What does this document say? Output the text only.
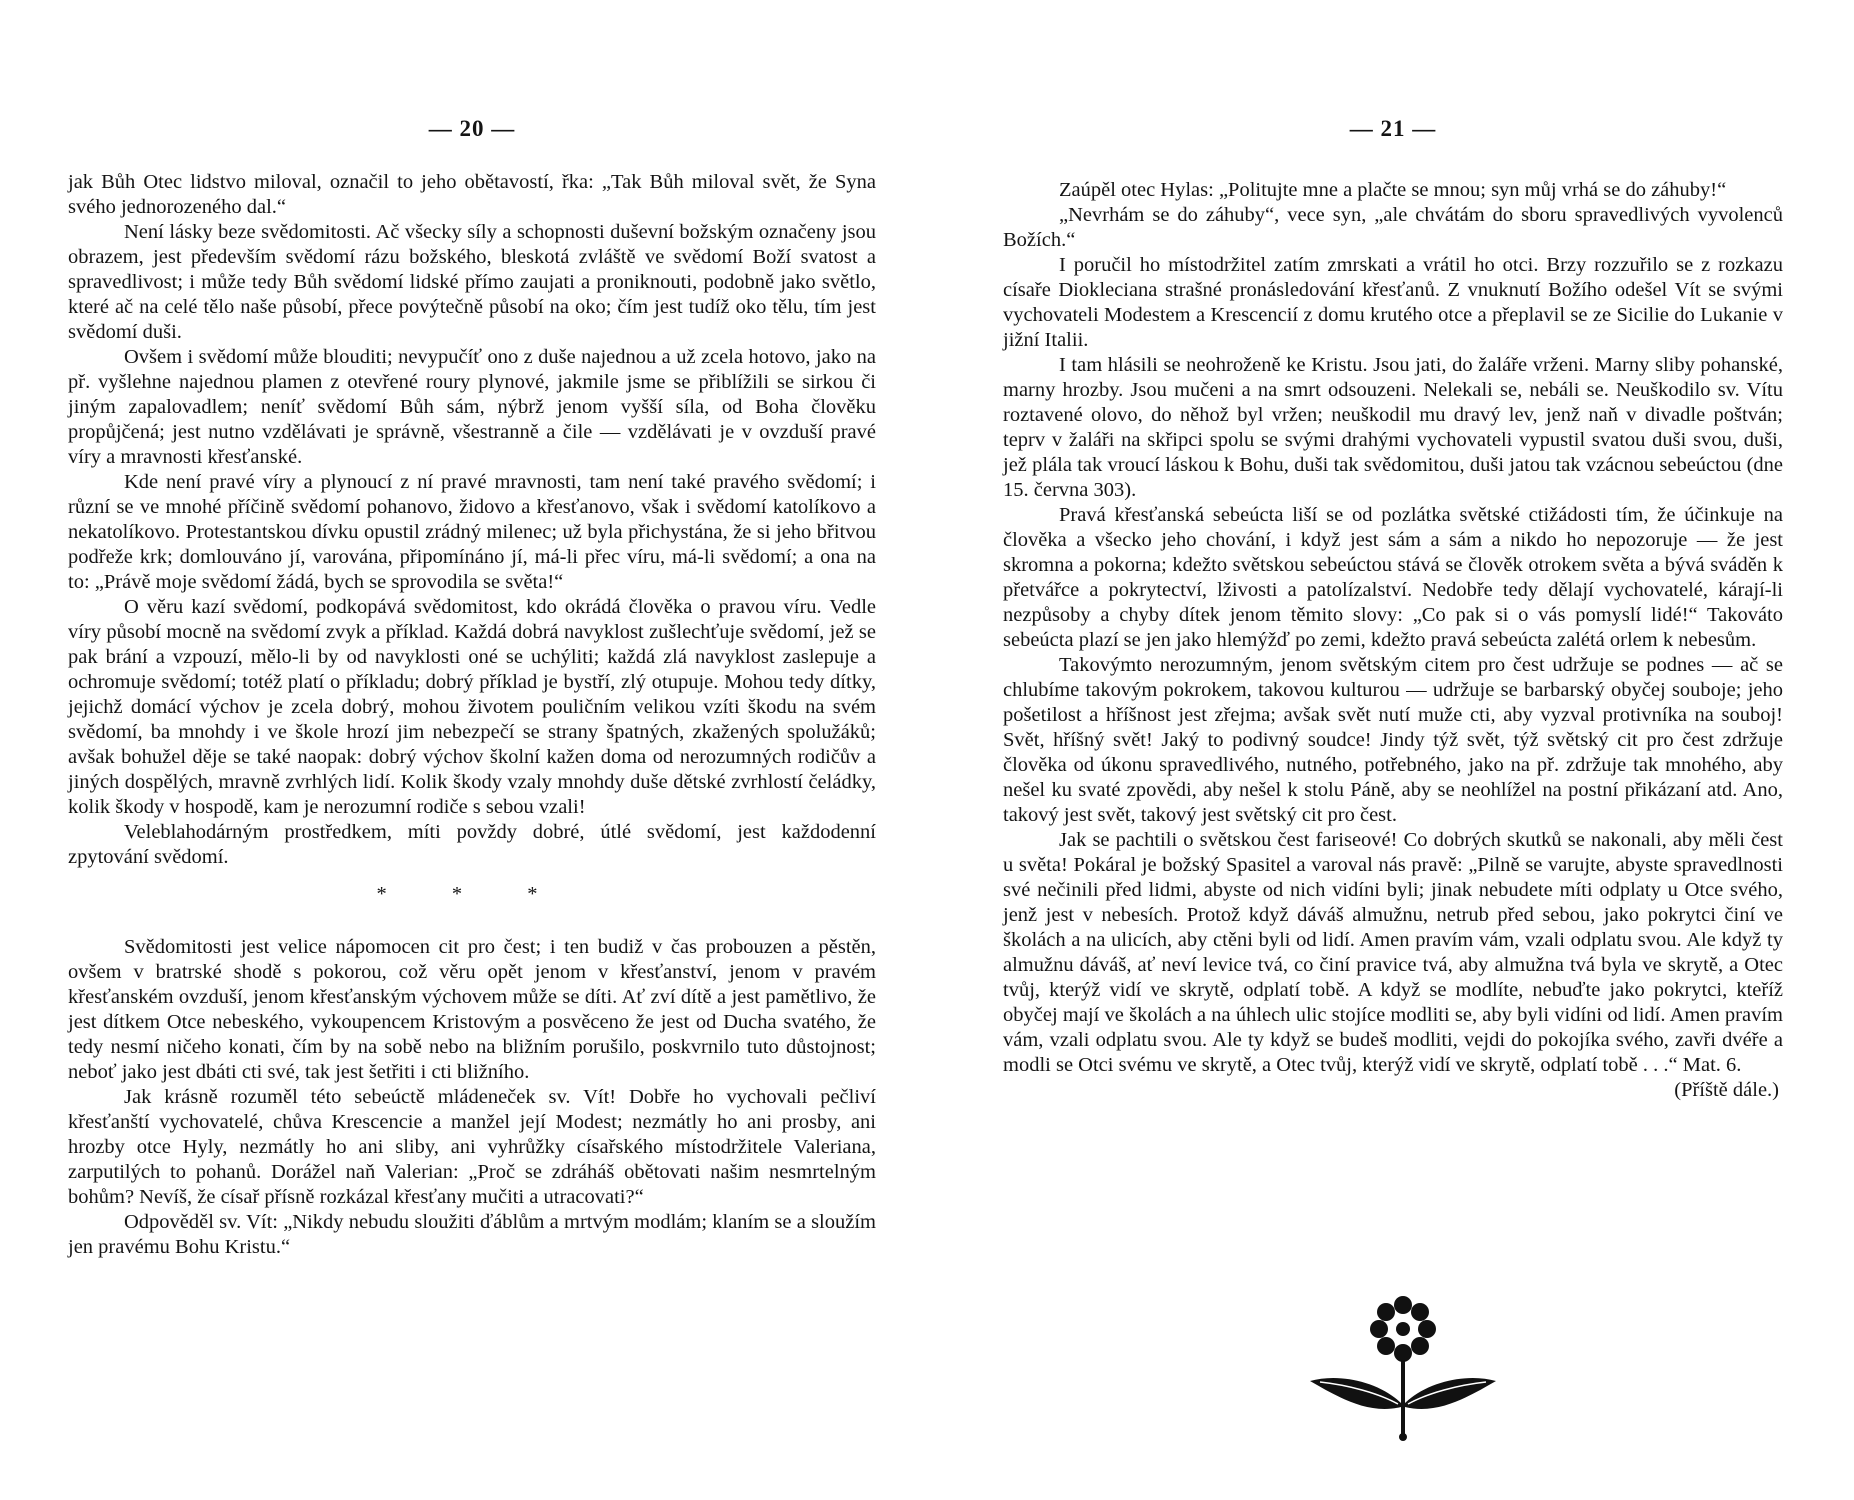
— 20 —

jak Bůh Otec lidstvo miloval, označil to jeho obětavostí, řka: „Tak Bůh miloval svět, že Syna svého jednorozeného dal.“

Není lásky beze svědomitosti. Ač všecky síly a schopnosti duševní božským označeny jsou obrazem, jest především svědomí rázu božského, bleskotá zvláště ve svědomí Boží svatost a spravedlivost; i může tedy Bůh svědomí lidské přímo zaujati a proniknouti, podobně jako světlo, které ač na celé tělo naše působí, přece povýtečně působí na oko; čím jest tudíž oko tělu, tím jest svědomí duši.

Ovšem i svědomí může blouditi; nevypučíť ono z duše najednou a už zcela hotovo, jako na př. vyšlehne najednou plamen z otevřené roury plynové, jakmile jsme se přiblížili se sirkou či jiným zapalovadlem; neníť svědomí Bůh sám, nýbrž jenom vyšší síla, od Boha člověku propůjčená; jest nutno vzdělávati je správně, všestranně a čile — vzdělávati je v ovzduší pravé víry a mravnosti křesťanské.

Kde není pravé víry a plynoucí z ní pravé mravnosti, tam není také pravého svědomí; i různí se ve mnohé příčině svědomí pohanovo, židovo a křesťanovo, však i svědomí katolíkovo a nekatolíkovo. Protestantskou dívku opustil zrádný milenec; už byla přichystána, že si jeho břitvou podřeže krk; domlouváno jí, varována, připomínáno jí, má-li přec víru, má-li svědomí; a ona na to: „Právě moje svědomí žádá, bych se sprovodila se světa!“

O věru kazí svědomí, podkopává svědomitost, kdo okrádá člověka o pravou víru. Vedle víry působí mocně na svědomí zvyk a příklad. Každá dobrá navyklost zušlechťuje svědomí, jež se pak brání a vzpouzí, mělo-li by od navyklosti oné se uchýliti; každá zlá navyklost zaslepuje a ochromuje svědomí; totéž platí o příkladu; dobrý příklad je bystří, zlý otupuje. Mohou tedy dítky, jejichž domácí výchov je zcela dobrý, mohou životem pouličním velikou vzíti škodu na svém svědomí, ba mnohdy i ve škole hrozí jim nebezpečí se strany špatných, zkažených spolužáků; avšak bohužel děje se také naopak: dobrý výchov školní kažen doma od nerozumných rodičův a jiných dospělých, mravně zvrhlých lidí. Kolik škody vzaly mnohdy duše dětské zvrhlostí čeládky, kolik škody v hospodě, kam je nerozumní rodiče s sebou vzali!

Veleblahodárným prostředkem, míti povždy dobré, útlé svědomí, jest každodenní zpytování svědomí.

* * *

Svědomitosti jest velice nápomocen cit pro čest; i ten budiž v čas probouzen a pěstěn, ovšem v bratrské shodě s pokorou, což věru opět jenom v křesťanství, jenom v pravém křesťanském ovzduší, jenom křesťanským výchovem může se díti. Ať zví dítě a jest pamětlivo, že jest dítkem Otce nebeského, vykoupencem Kristovým a posvěceno že jest od Ducha svatého, že tedy nesmí ničeho konati, čím by na sobě nebo na bližním porušilo, poskvrnilo tuto důstojnost; neboť jako jest dbáti cti své, tak jest šetřiti i cti bližního.

Jak krásně rozuměl této sebeúctě mládeneček sv. Vít! Dobře ho vychovali pečliví křesťanští vychovatelé, chůva Krescencie a manžel její Modest; nezmátly ho ani prosby, ani hrozby otce Hyly, nezmátly ho ani sliby, ani vyhrůžky císařského místodržitele Valeriana, zarputilých to pohanů. Dorážel naň Valerian: „Proč se zdráháš obětovati našim nesmrtelným bohům? Nevíš, že císař přísně rozkázal křesťany mučiti a utracovati?“

Odpověděl sv. Vít: „Nikdy nebudu sloužiti ďáblům a mrtvým modlám; klaním se a sloužím jen pravému Bohu Kristu.“

— 21 —

Zaúpěl otec Hylas: „Politujte mne a plačte se mnou; syn můj vrhá se do záhuby!“

„Nevrhám se do záhuby“, vece syn, „ale chvátám do sboru spravedlivých vyvolenců Božích.“

I poručil ho místodržitel zatím zmrskati a vrátil ho otci. Brzy rozzuřilo se z rozkazu císaře Diokleciana strašné pronásledování křesťanů. Z vnuknutí Božího odešel Vít se svými vychovateli Modestem a Krescencií z domu krutého otce a přeplavil se ze Sicilie do Lukanie v jižní Italii.

I tam hlásili se neohroženě ke Kristu. Jsou jati, do žaláře vrženi. Marny sliby pohanské, marny hrozby. Jsou mučeni a na smrt odsouzeni. Nelekali se, nebáli se. Neuškodilo sv. Vítu roztavené olovo, do něhož byl vržen; neuškodil mu dravý lev, jenž naň v divadle poštván; teprv v žaláři na skřipci spolu se svými drahými vychovateli vypustil svatou duši svou, duši, jež plála tak vroucí láskou k Bohu, duši tak svědomitou, duši jatou tak vzácnou sebeúctou (dne 15. června 303).

Pravá křesťanská sebeúcta liší se od pozlátka světské ctižádosti tím, že účinkuje na člověka a všecko jeho chování, i když jest sám a sám a nikdo ho nepozoruje — že jest skromna a pokorna; kdežto světskou sebeúctou stává se člověk otrokem světa a bývá sváděn k přetvářce a pokrytectví, lživosti a patolízalství. Nedobře tedy dělají vychovatelé, kárají-li nezpůsoby a chyby dítek jenom těmito slovy: „Co pak si o vás pomyslí lidé!“ Takováto sebeúcta plazí se jen jako hlemýžď po zemi, kdežto pravá sebeúcta zalétá orlem k nebesům.

Takovýmto nerozumným, jenom světským citem pro čest udržuje se podnes — ač se chlubíme takovým pokrokem, takovou kulturou — udržuje se barbarský obyčej souboje; jeho pošetilost a hříšnost jest zřejma; avšak svět nutí muže cti, aby vyzval protivníka na souboj! Svět, hříšný svět! Jaký to podivný soudce! Jindy týž svět, týž světský cit pro čest zdržuje člověka od úkonu spravedlivého, nutného, potřebného, jako na př. zdržuje tak mnohého, aby nešel ku svaté zpovědi, aby nešel k stolu Páně, aby se neohlížel na postní přikázaní atd. Ano, takový jest svět, takový jest světský cit pro čest.

Jak se pachtili o světskou čest fariseové! Co dobrých skutků se nakonali, aby měli čest u světa! Pokáral je božský Spasitel a varoval nás pravě: „Pilně se varujte, abyste spravedlnosti své nečinili před lidmi, abyste od nich vidíni byli; jinak nebudete míti odplaty u Otce svého, jenž jest v nebesích. Protož když dáváš almužnu, netrub před sebou, jako pokrytci činí ve školách a na ulicích, aby ctěni byli od lidí. Amen pravím vám, vzali odplatu svou. Ale když ty almužnu dáváš, ať neví levice tvá, co činí pravice tvá, aby almužna tvá byla ve skrytě, a Otec tvůj, kterýž vidí ve skrytě, odplatí tobě. A když se modlíte, nebuďte jako pokrytci, kteříž obyčej mají ve školách a na úhlech ulic stojíce modliti se, aby byli vidíni od lidí. Amen pravím vám, vzali odplatu svou. Ale ty když se budeš modliti, vejdi do pokojíka svého, zavři dvéře a modli se Otci svému ve skrytě, a Otec tvůj, kterýž vidí ve skrytě, odplatí tobě . . .“ Mat. 6.

(Příště dále.)
